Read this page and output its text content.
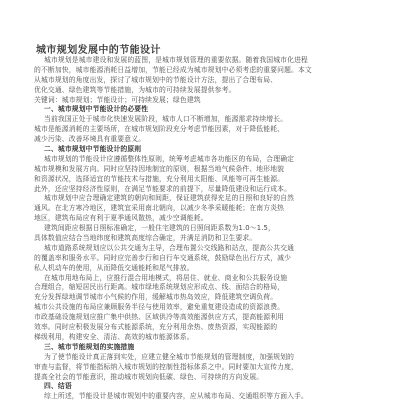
城市规划发展中的节能设计
城市规划是城市建设和发展的蓝图，是城市规划管理的重要依据。随着我国城市化进程
的不断加快，城市能源消耗日益增加，节能已经成为城市规划中必须考虑的重要问题。本文
从城市规划的角度出发，探讨了城市规划中的节能设计方法，提出了合理布局、
优化交通、绿色建筑等节能措施，为城市的可持续发展提供参考。
关键词：城市规划；节能设计；可持续发展；绿色建筑
一、城市规划中节能设计的必要性
当前我国正处于城市化快速发展阶段，城市人口不断增加，能源需求持续增长。
城市是能源消耗的主要场所，在城市规划阶段充分考虑节能因素，对于降低能耗、
减少污染、改善环境具有重要意义。
二、城市规划中节能设计的原则
城市规划的节能设计应遵循整体性原则，统筹考虑城市各功能区的布局，合理确定
城市规模和发展方向。同时应坚持因地制宜的原则，根据当地气候条件、地形地貌
和资源状况，选择适宜的节能技术与措施，充分利用太阳能、风能等可再生能源。
此外，还应坚持经济性原则，在满足节能要求的前提下，尽量降低建设和运行成本。
城市规划中应合理确定建筑的朝向和间距，保证建筑获得充足的日照和良好的自然
通风。在北方寒冷地区，建筑宜采用南北朝向，以减少冬季采暖能耗；在南方炎热
地区，建筑布局应有利于夏季通风散热，减少空调能耗。
建筑间距应根据日照标准确定，一般住宅建筑的日照间距系数为1.0～1.5，
具体数值应结合当地纬度和建筑高度综合确定，并满足消防和卫生要求。
城市道路系统规划应以公共交通为主导，合理布置公交线路和站点，提高公共交通
的覆盖率和服务水平。同时应完善步行和自行车交通系统，鼓励绿色出行方式，减少
私人机动车的使用，从而降低交通能耗和尾气排放。
在城市用地布局上，应推行混合用地模式，将居住、就业、商业和公共服务设施
合理组合，缩短居民出行距离。城市绿地系统规划应形成点、线、面结合的格局，
充分发挥绿地调节城市小气候的作用，缓解城市热岛效应，降低建筑空调负荷。
城市公共设施的布局应兼顾服务半径与使用效率，避免重复建设造成的资源浪费。
市政基础设施规划应推广集中供热、区域供冷等高效能源供应方式，提高能源利用
效率。同时应积极发展分布式能源系统，充分利用余热、废热资源，实现能源的
梯级利用，构建安全、清洁、高效的城市能源体系。
三、城市节能规划的实施措施
为了使节能设计真正落到实处，应建立健全城市节能规划的管理制度，加强规划的
审查与监督，将节能指标纳入城市规划的控制性指标体系之中。同时要加大宣传力度，
提高全社会的节能意识，推动城市规划向低碳、绿色、可持续的方向发展。
四、结语
综上所述，节能设计是城市规划中的重要内容，应从城市布局、交通组织等方面入手。
